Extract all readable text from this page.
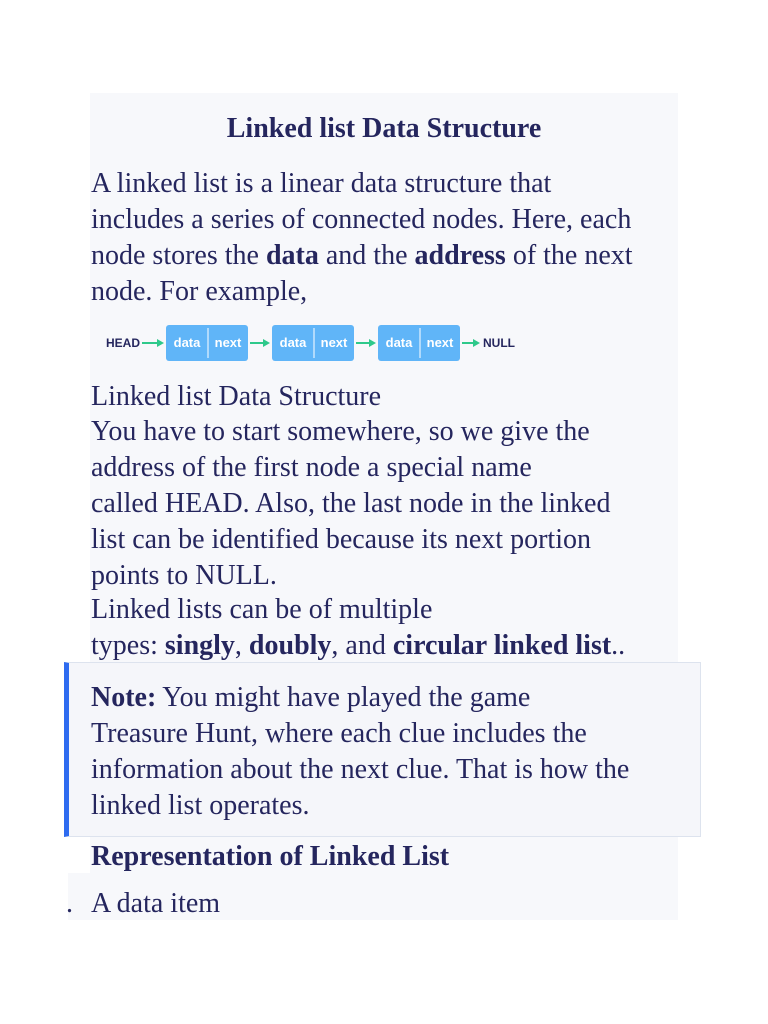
Linked list Data Structure

A linked list is a linear data structure that
includes a series of connected nodes. Here, each
node stores the data and the address of the next
node. For example,

HEAD	data next	data next	data next NULL

Linked list Data Structure

You have to start somewhere, so we give the
address of the first node a special name
called HEAD. Also, the last node in the linked
list can be identified because its next portion
points to NULL.

Linked lists can be of multiple
types: singly, doubly, and circular linked list..

Note: You might have played the game
Treasure Hunt, where each clue includes the
information about the next clue. That is how the
linked list operates.

Representation of Linked List
. A data item
